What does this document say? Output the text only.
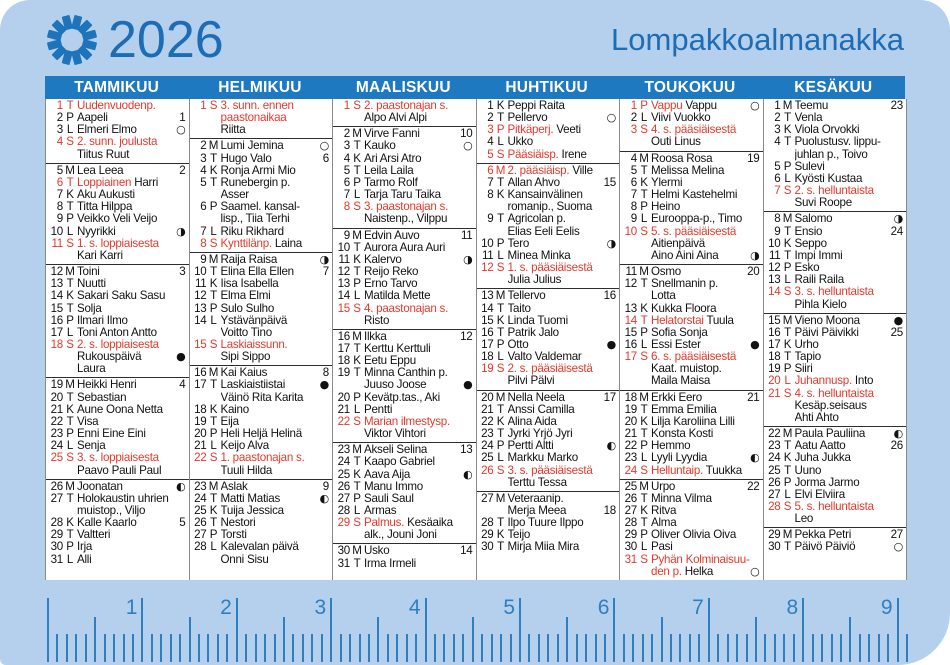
2026	Lompakkoalmanakka
TAMMIKUU	HELMIKUU	MAALISKUU	HUHTIKUU	TOUKOKUU	KESÄKUU
1 T Uudenvuodenp.
2 P Aapeli	1
3 L Elmeri Elmo	○
4 S 2. sunn. joulusta
Tiitus Ruut
5 M Lea Leea	2
6 T Loppiainen Harri
7 K Aku Aukusti
8 T Titta Hilppa
9 P Veikko Veli Veijo
10 L Nyyrikki	◑
11 S 1. s. loppiaisesta
Kari Karri
12 M Toini	3
13 T Nuutti
14 K Sakari Saku Sasu
15 T Solja
16 P Ilmari Ilmo
17 L Toni Anton Antto
18 S 2. s. loppiaisesta
Rukouspäivä	●
Laura
19 M Heikki Henri	4
20 T Sebastian
21 K Aune Oona Netta
22 T Visa
23 P Enni Eine Eini
24 L Senja
25 S 3. s. loppiaisesta
Paavo Pauli Paul
26 M Joonatan	◐
27 T Holokaustin uhrien
muistop., Viljo
28 K Kalle Kaarlo	5
29 T Valtteri
30 P Irja
31 L Alli
1 S 3. sunn. ennen
paastonaikaa
Riitta
2 M Lumi Jemina	○
3 T Hugo Valo	6
4 K Ronja Armi Mio
5 T Runebergin p.
Asser
6 P Saamel. kansal-
lisp., Tiia Terhi
7 L Riku Rikhard
8 S Kynttilänp. Laina
9 M Raija Raisa	◑
10 T Elina Ella Ellen	7
11 K Iisa Isabella
12 T Elma Elmi
13 P Sulo Sulho
14 L Ystävänpäivä
Voitto Tino
15 S Laskiaissunn.
Sipi Sippo
16 M Kai Kaius	8
17 T Laskiaistiistai	●
Väinö Rita Karita
18 K Kaino
19 T Eija
20 P Heli Heljä Helinä
21 L Keijo Alva
22 S 1. paastonajan s.
Tuuli Hilda
23 M Aslak	9
24 T Matti Matias	◐
25 K Tuija Jessica
26 T Nestori
27 P Torsti
28 L Kalevalan päivä
Onni Sisu
1 S 2. paastonajan s.
Alpo Alvi Alpi
2 M Virve Fanni	10
3 T Kauko	○
4 K Ari Arsi Atro
5 T Leila Laila
6 P Tarmo Rolf
7 L Tarja Taru Taika
8 S 3. paastonajan s.
Naistenp., Vilppu
9 M Edvin Auvo	11
10 T Aurora Aura Auri
11 K Kalervo	◑
12 T Reijo Reko
13 P Erno Tarvo
14 L Matilda Mette
15 S 4. paastonajan s.
Risto
16 M Ilkka	12
17 T Kerttu Kerttuli
18 K Eetu Eppu
19 T Minna Canthin p.
Juuso Joose	●
20 P Kevätp.tas., Aki
21 L Pentti
22 S Marian ilmestysp.
Viktor Vihtori
23 M Akseli Selina	13
24 T Kaapo Gabriel
25 K Aava Aija	◐
26 T Manu Immo
27 P Sauli Saul
28 L Armas
29 S Palmus. Kesäaika
alk., Jouni Joni
30 M Usko	14
31 T Irma Irmeli
1 K Peppi Raita
2 T Pellervo	○
3 P Pitkäperj. Veeti
4 L Ukko
5 S Pääsiäisp. Irene
6 M 2. pääsiäisp. Ville
7 T Allan Ahvo	15
8 K Kansainvälinen
romanip., Suoma
9 T Agricolan p.
Elias Eeli Eelis
10 P Tero	◑
11 L Minea Minka
12 S 1. s. pääsiäisestä
Julia Julius
13 M Tellervo	16
14 T Taito
15 K Linda Tuomi
16 T Patrik Jalo
17 P Otto	●
18 L Valto Valdemar
19 S 2. s. pääsiäisestä
Pilvi Pälvi
20 M Nella Neela	17
21 T Anssi Camilla
22 K Alina Aida
23 T Jyrki Yrjö Jyri
24 P Pertti Altti	◐
25 L Markku Marko
26 S 3. s. pääsiäisestä
Terttu Tessa
27 M Veteraanip.
Merja Meea	18
28 T Ilpo Tuure Ilppo
29 K Teijo
30 T Mirja Miia Mira
1 P Vappu Vappu	○
2 L Viivi Vuokko
3 S 4. s. pääsiäisestä
Outi Linus
4 M Roosa Rosa	19
5 T Melissa Melina
6 K Ylermi
7 T Helmi Kastehelmi
8 P Heino
9 L Eurooppa-p., Timo
10 S 5. s. pääsiäisestä
Äitienpäivä
Aino Aini Aina	◑
11 M Osmo	20
12 T Snellmanin p.
Lotta
13 K Kukka Floora
14 T Helatorstai Tuula
15 P Sofia Sonja
16 L Essi Ester	●
17 S 6. s. pääsiäisestä
Kaat. muistop.
Maila Maisa
18 M Erkki Eero	21
19 T Emma Emilia
20 K Lilja Karoliina Lilli
21 T Konsta Kosti
22 P Hemmo
23 L Lyyli Lyydia	◐
24 S Helluntaip. Tuukka
25 M Urpo	22
26 T Minna Vilma
27 K Ritva
28 T Alma
29 P Oliver Olivia Oiva
30 L Pasi
31 S Pyhän Kolminaisuu-
den p. Helka	○
1 M Teemu	23
2 T Venla
3 K Viola Orvokki
4 T Puolustusv. lippu-
juhlan p., Toivo
5 P Sulevi
6 L Kyösti Kustaa
7 S 2. s. helluntaista
Suvi Roope
8 M Salomo	◑
9 T Ensio	24
10 K Seppo
11 T Impi Immi
12 P Esko
13 L Raili Raila
14 S 3. s. helluntaista
Pihla Kielo
15 M Vieno Moona	●
16 T Päivi Päivikki	25
17 K Urho
18 T Tapio
19 P Siiri
20 L Juhannusp. Into
21 S 4. s. helluntaista
Kesäp.seisaus
Ahti Ahto
22 M Paula Pauliina	◐
23 T Aatu Aatto	26
24 K Juha Jukka
25 T Uuno
26 P Jorma Jarmo
27 L Elvi Elviira
28 S 5. s. helluntaista
Leo
29 M Pekka Petri	27
30 T Päivö Päiviö	○
1	2	3	4	5	6	7	8	9
